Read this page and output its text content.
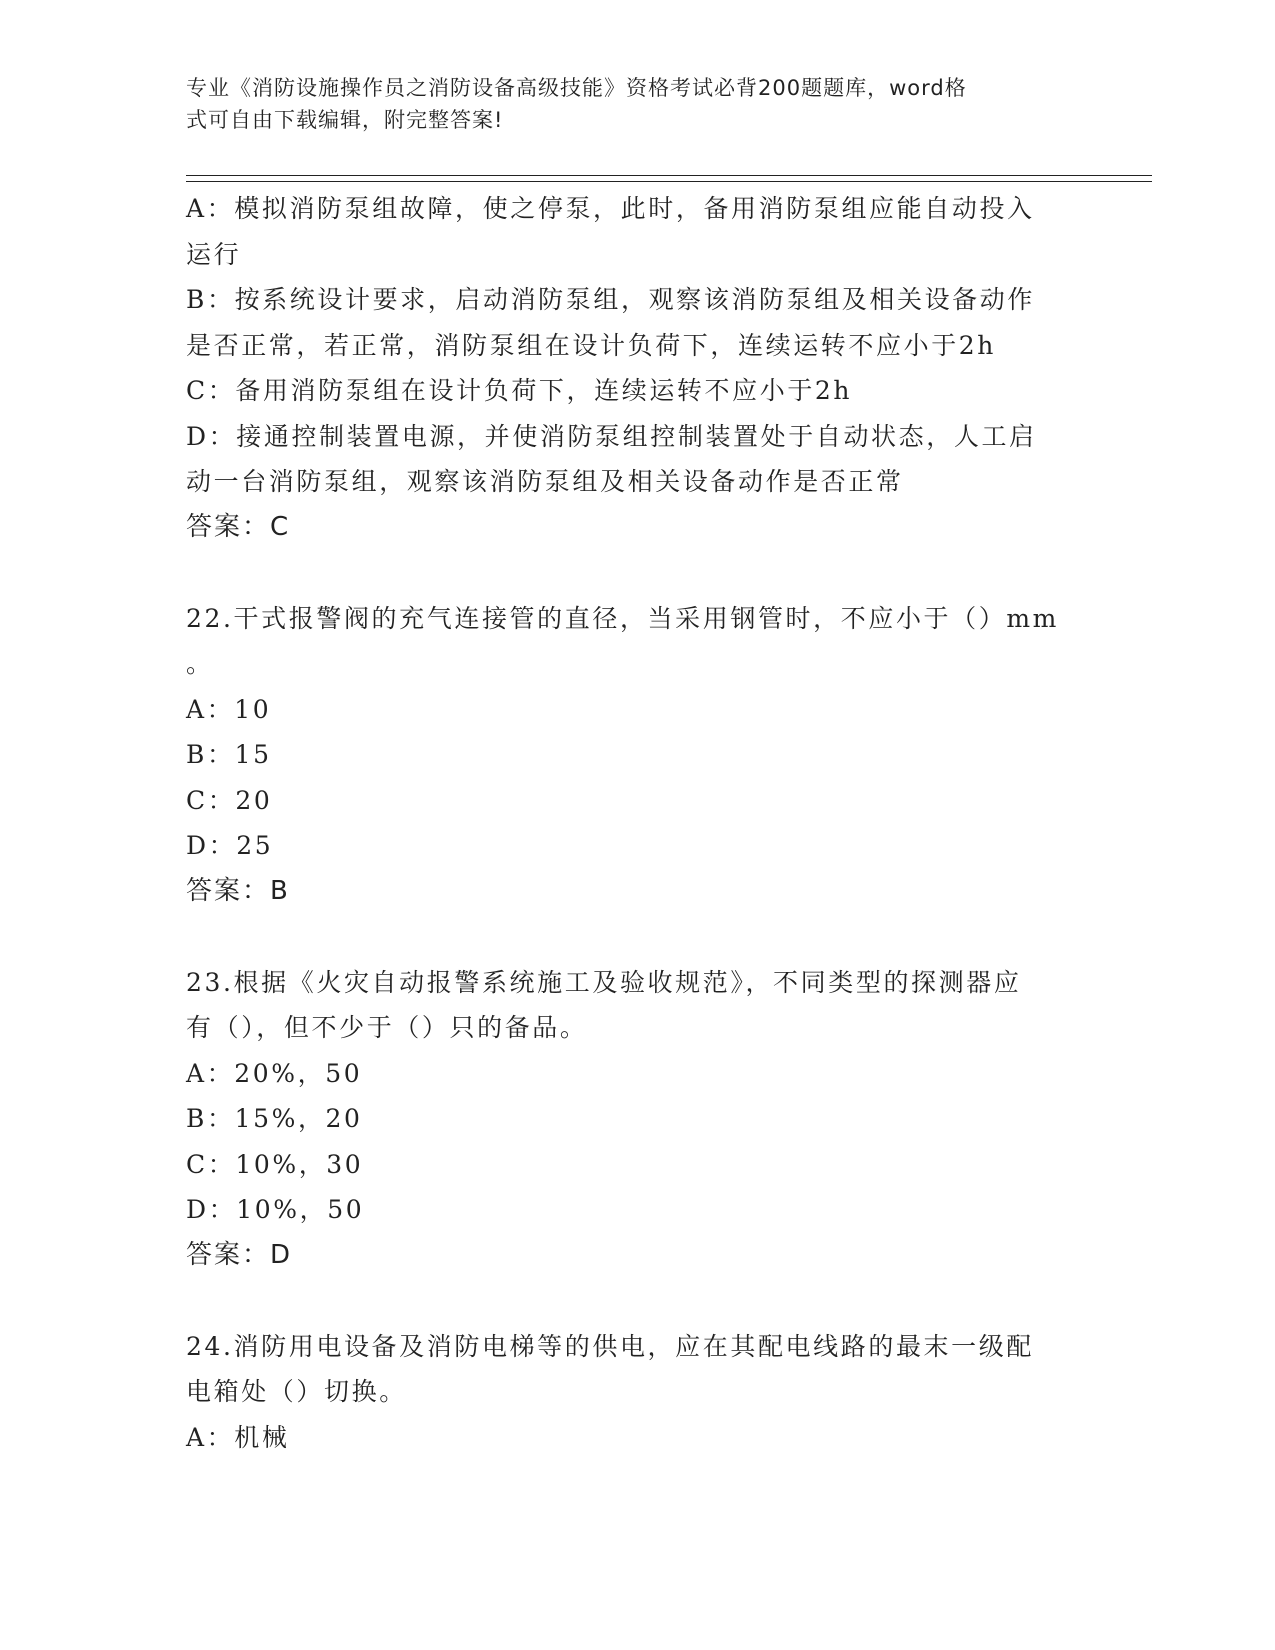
专业《消防设施操作员之消防设备高级技能》资格考试必背200题题库，word格
式可自由下载编辑，附完整答案!

A：模拟消防泵组故障，使之停泵，此时，备用消防泵组应能自动投入

运行

B：按系统设计要求，启动消防泵组，观察该消防泵组及相关设备动作

是否正常，若正常，消防泵组在设计负荷下，连续运转不应小于2h

C：备用消防泵组在设计负荷下，连续运转不应小于2h

D：接通控制装置电源，并使消防泵组控制装置处于自动状态，人工启

动一台消防泵组，观察该消防泵组及相关设备动作是否正常

答案：C

22.干式报警阀的充气连接管的直径，当采用钢管时，不应小于（）mm

。

A：10

B：15

C：20

D：25

答案：B

23.根据《火灾自动报警系统施工及验收规范》，不同类型的探测器应

有（），但不少于（）只的备品。

A：20%，50

B：15%，20

C：10%，30

D：10%，50

答案：D

24.消防用电设备及消防电梯等的供电，应在其配电线路的最末一级配

电箱处（）切换。

A：机械
